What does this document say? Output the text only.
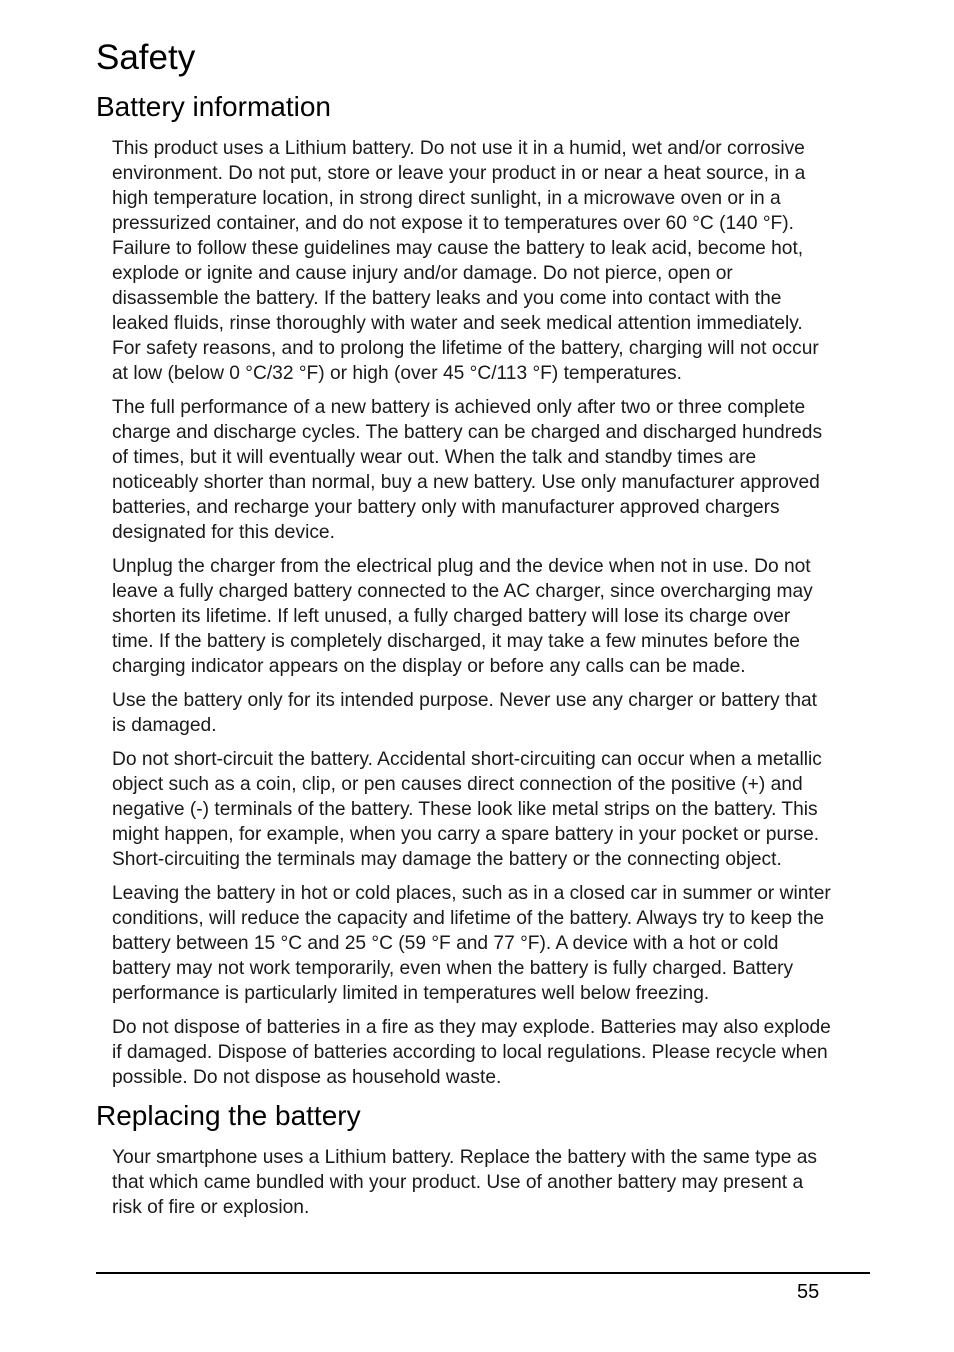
Safety
Battery information

This product uses a Lithium battery. Do not use it in a humid, wet and/or corrosive
environment. Do not put, store or leave your product in or near a heat source, in a
high temperature location, in strong direct sunlight, in a microwave oven or in a
pressurized container, and do not expose it to temperatures over 60 °C (140 °F).
Failure to follow these guidelines may cause the battery to leak acid, become hot,
explode or ignite and cause injury and/or damage. Do not pierce, open or
disassemble the battery. If the battery leaks and you come into contact with the
leaked fluids, rinse thoroughly with water and seek medical attention immediately.
For safety reasons, and to prolong the lifetime of the battery, charging will not occur
at low (below 0 °C/32 °F) or high (over 45 °C/113 °F) temperatures.

The full performance of a new battery is achieved only after two or three complete
charge and discharge cycles. The battery can be charged and discharged hundreds
of times, but it will eventually wear out. When the talk and standby times are
noticeably shorter than normal, buy a new battery. Use only manufacturer approved
batteries, and recharge your battery only with manufacturer approved chargers
designated for this device.

Unplug the charger from the electrical plug and the device when not in use. Do not
leave a fully charged battery connected to the AC charger, since overcharging may
shorten its lifetime. If left unused, a fully charged battery will lose its charge over
time. If the battery is completely discharged, it may take a few minutes before the
charging indicator appears on the display or before any calls can be made.

Use the battery only for its intended purpose. Never use any charger or battery that
is damaged.

Do not short-circuit the battery. Accidental short-circuiting can occur when a metallic
object such as a coin, clip, or pen causes direct connection of the positive (+) and
negative (-) terminals of the battery. These look like metal strips on the battery. This
might happen, for example, when you carry a spare battery in your pocket or purse.
Short-circuiting the terminals may damage the battery or the connecting object.

Leaving the battery in hot or cold places, such as in a closed car in summer or winter
conditions, will reduce the capacity and lifetime of the battery. Always try to keep the
battery between 15 °C and 25 °C (59 °F and 77 °F). A device with a hot or cold
battery may not work temporarily, even when the battery is fully charged. Battery
performance is particularly limited in temperatures well below freezing.

Do not dispose of batteries in a fire as they may explode. Batteries may also explode
if damaged. Dispose of batteries according to local regulations. Please recycle when
possible. Do not dispose as household waste.

Replacing the battery

Your smartphone uses a Lithium battery. Replace the battery with the same type as
that which came bundled with your product. Use of another battery may present a
risk of fire or explosion.

55
